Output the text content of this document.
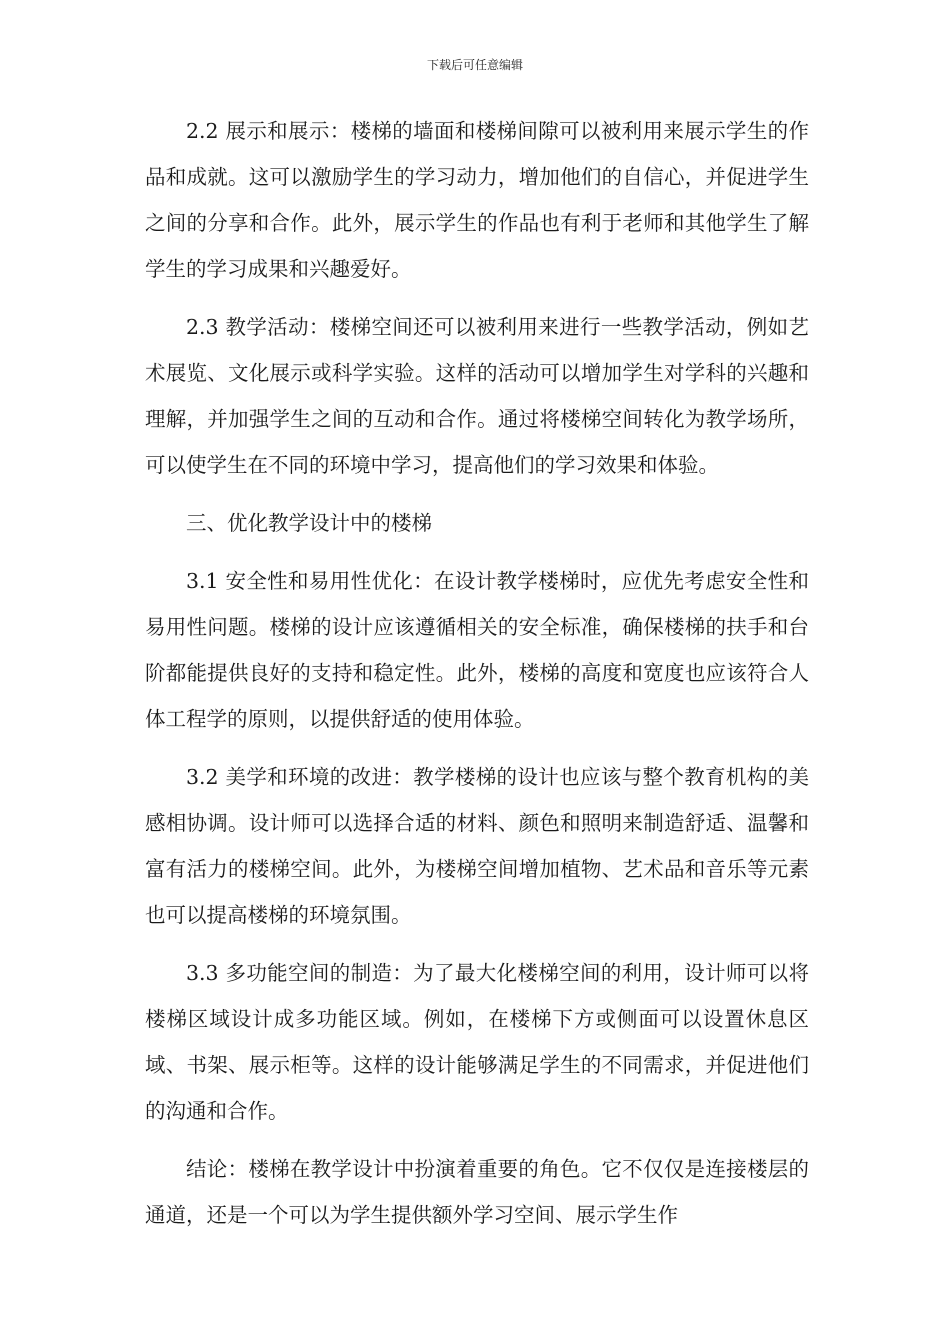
下载后可任意编辑

2.2 展示和展示：楼梯的墙面和楼梯间隙可以被利用来展示学生的作品和成就。这可以激励学生的学习动力，增加他们的自信心，并促进学生之间的分享和合作。此外，展示学生的作品也有利于老师和其他学生了解学生的学习成果和兴趣爱好。

2.3 教学活动：楼梯空间还可以被利用来进行一些教学活动，例如艺术展览、文化展示或科学实验。这样的活动可以增加学生对学科的兴趣和理解，并加强学生之间的互动和合作。通过将楼梯空间转化为教学场所，可以使学生在不同的环境中学习，提高他们的学习效果和体验。

三、优化教学设计中的楼梯

3.1 安全性和易用性优化：在设计教学楼梯时，应优先考虑安全性和易用性问题。楼梯的设计应该遵循相关的安全标准，确保楼梯的扶手和台阶都能提供良好的支持和稳定性。此外，楼梯的高度和宽度也应该符合人体工程学的原则，以提供舒适的使用体验。

3.2 美学和环境的改进：教学楼梯的设计也应该与整个教育机构的美感相协调。设计师可以选择合适的材料、颜色和照明来制造舒适、温馨和富有活力的楼梯空间。此外，为楼梯空间增加植物、艺术品和音乐等元素也可以提高楼梯的环境氛围。

3.3 多功能空间的制造：为了最大化楼梯空间的利用，设计师可以将楼梯区域设计成多功能区域。例如，在楼梯下方或侧面可以设置休息区域、书架、展示柜等。这样的设计能够满足学生的不同需求，并促进他们的沟通和合作。

结论：楼梯在教学设计中扮演着重要的角色。它不仅仅是连接楼层的通道，还是一个可以为学生提供额外学习空间、展示学生作
